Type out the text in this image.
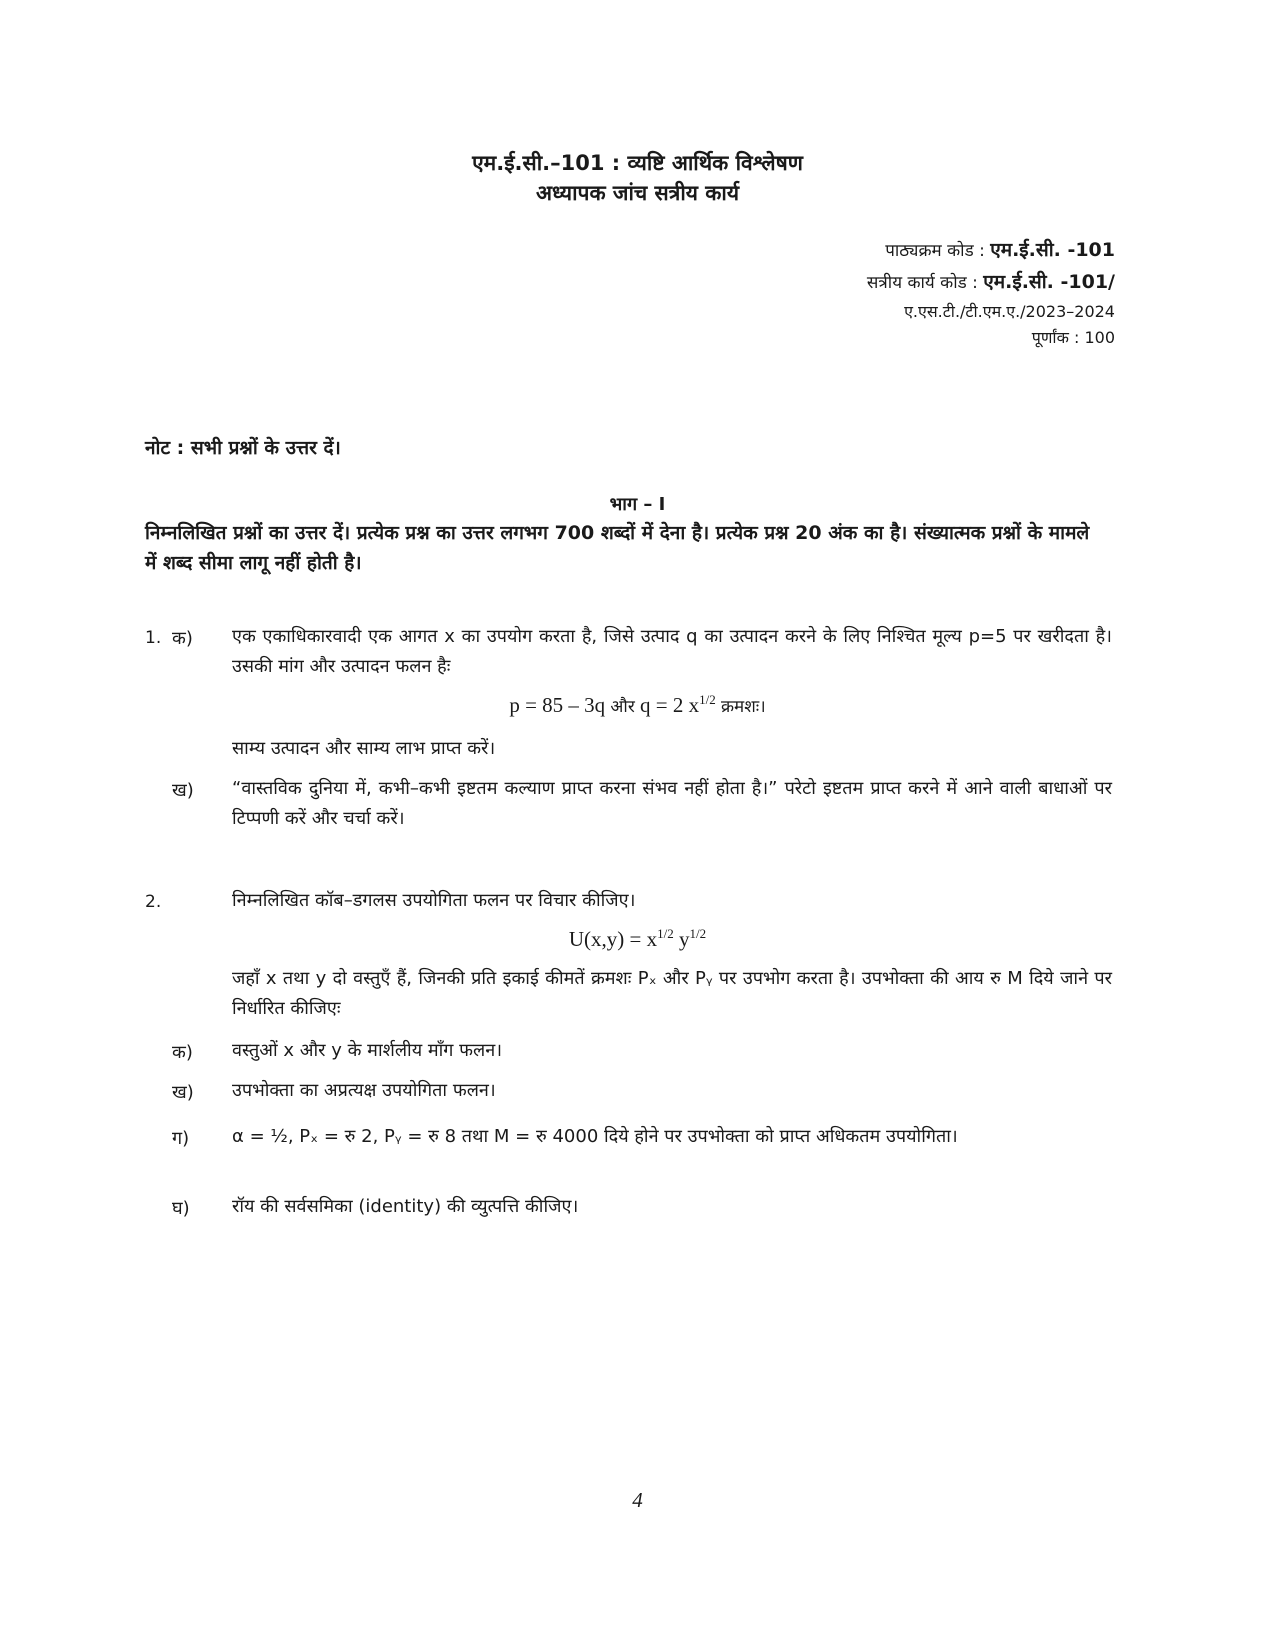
एम.ई.सी.–101 : व्यष्टि आर्थिक विश्लेषण
अध्यापक जांच सत्रीय कार्य
पाठ्यक्रम कोड : एम.ई.सी. -101
सत्रीय कार्य कोड : एम.ई.सी. -101/
ए.एस.टी./टी.एम.ए./2023–2024
पूर्णांक : 100
नोट : सभी प्रश्नों के उत्तर दें।
भाग – I
निम्नलिखित प्रश्नों का उत्तर दें। प्रत्येक प्रश्न का उत्तर लगभग 700 शब्दों में देना है। प्रत्येक प्रश्न 20 अंक का है। संख्यात्मक प्रश्नों के मामले में शब्द सीमा लागू नहीं होती है।
1. क) एक एकाधिकारवादी एक आगत x का उपयोग करता है, जिसे उत्पाद q का उत्पादन करने के लिए निश्चित मूल्य p=5 पर खरीदता है। उसकी मांग और उत्पादन फलन हैः
p = 85 – 3q और q = 2 $x^{1/2}$ क्रमशः।
साम्य उत्पादन और साम्य लाभ प्राप्त करें।
ख) “वास्तविक दुनिया में, कभी–कभी इष्टतम कल्याण प्राप्त करना संभव नहीं होता है।” परेटो इष्टतम प्राप्त करने में आने वाली बाधाओं पर टिप्पणी करें और चर्चा करें।
2.	निम्नलिखित कॉब–डगलस उपयोगिता फलन पर विचार कीजिए।
$U(x,y) = x^{1/2}$ $y^{1/2}$
जहाँ x तथा y दो वस्तुएँ हैं, जिनकी प्रति इकाई कीमतें क्रमशः Pₓ और Pᵧ पर उपभोग करता है। उपभोक्ता की आय रु M दिये जाने पर निर्धारित कीजिएः
क) वस्तुओं x और y के मार्शलीय माँग फलन।
ख) उपभोक्ता का अप्रत्यक्ष उपयोगिता फलन।
ग) α = ½, Pₓ = रु 2, Pᵧ = रु 8 तथा M = रु 4000 दिये होने पर उपभोक्ता को प्राप्त अधिकतम उपयोगिता।
घ) रॉय की सर्वसमिका (identity) की व्युत्पत्ति कीजिए।
4
